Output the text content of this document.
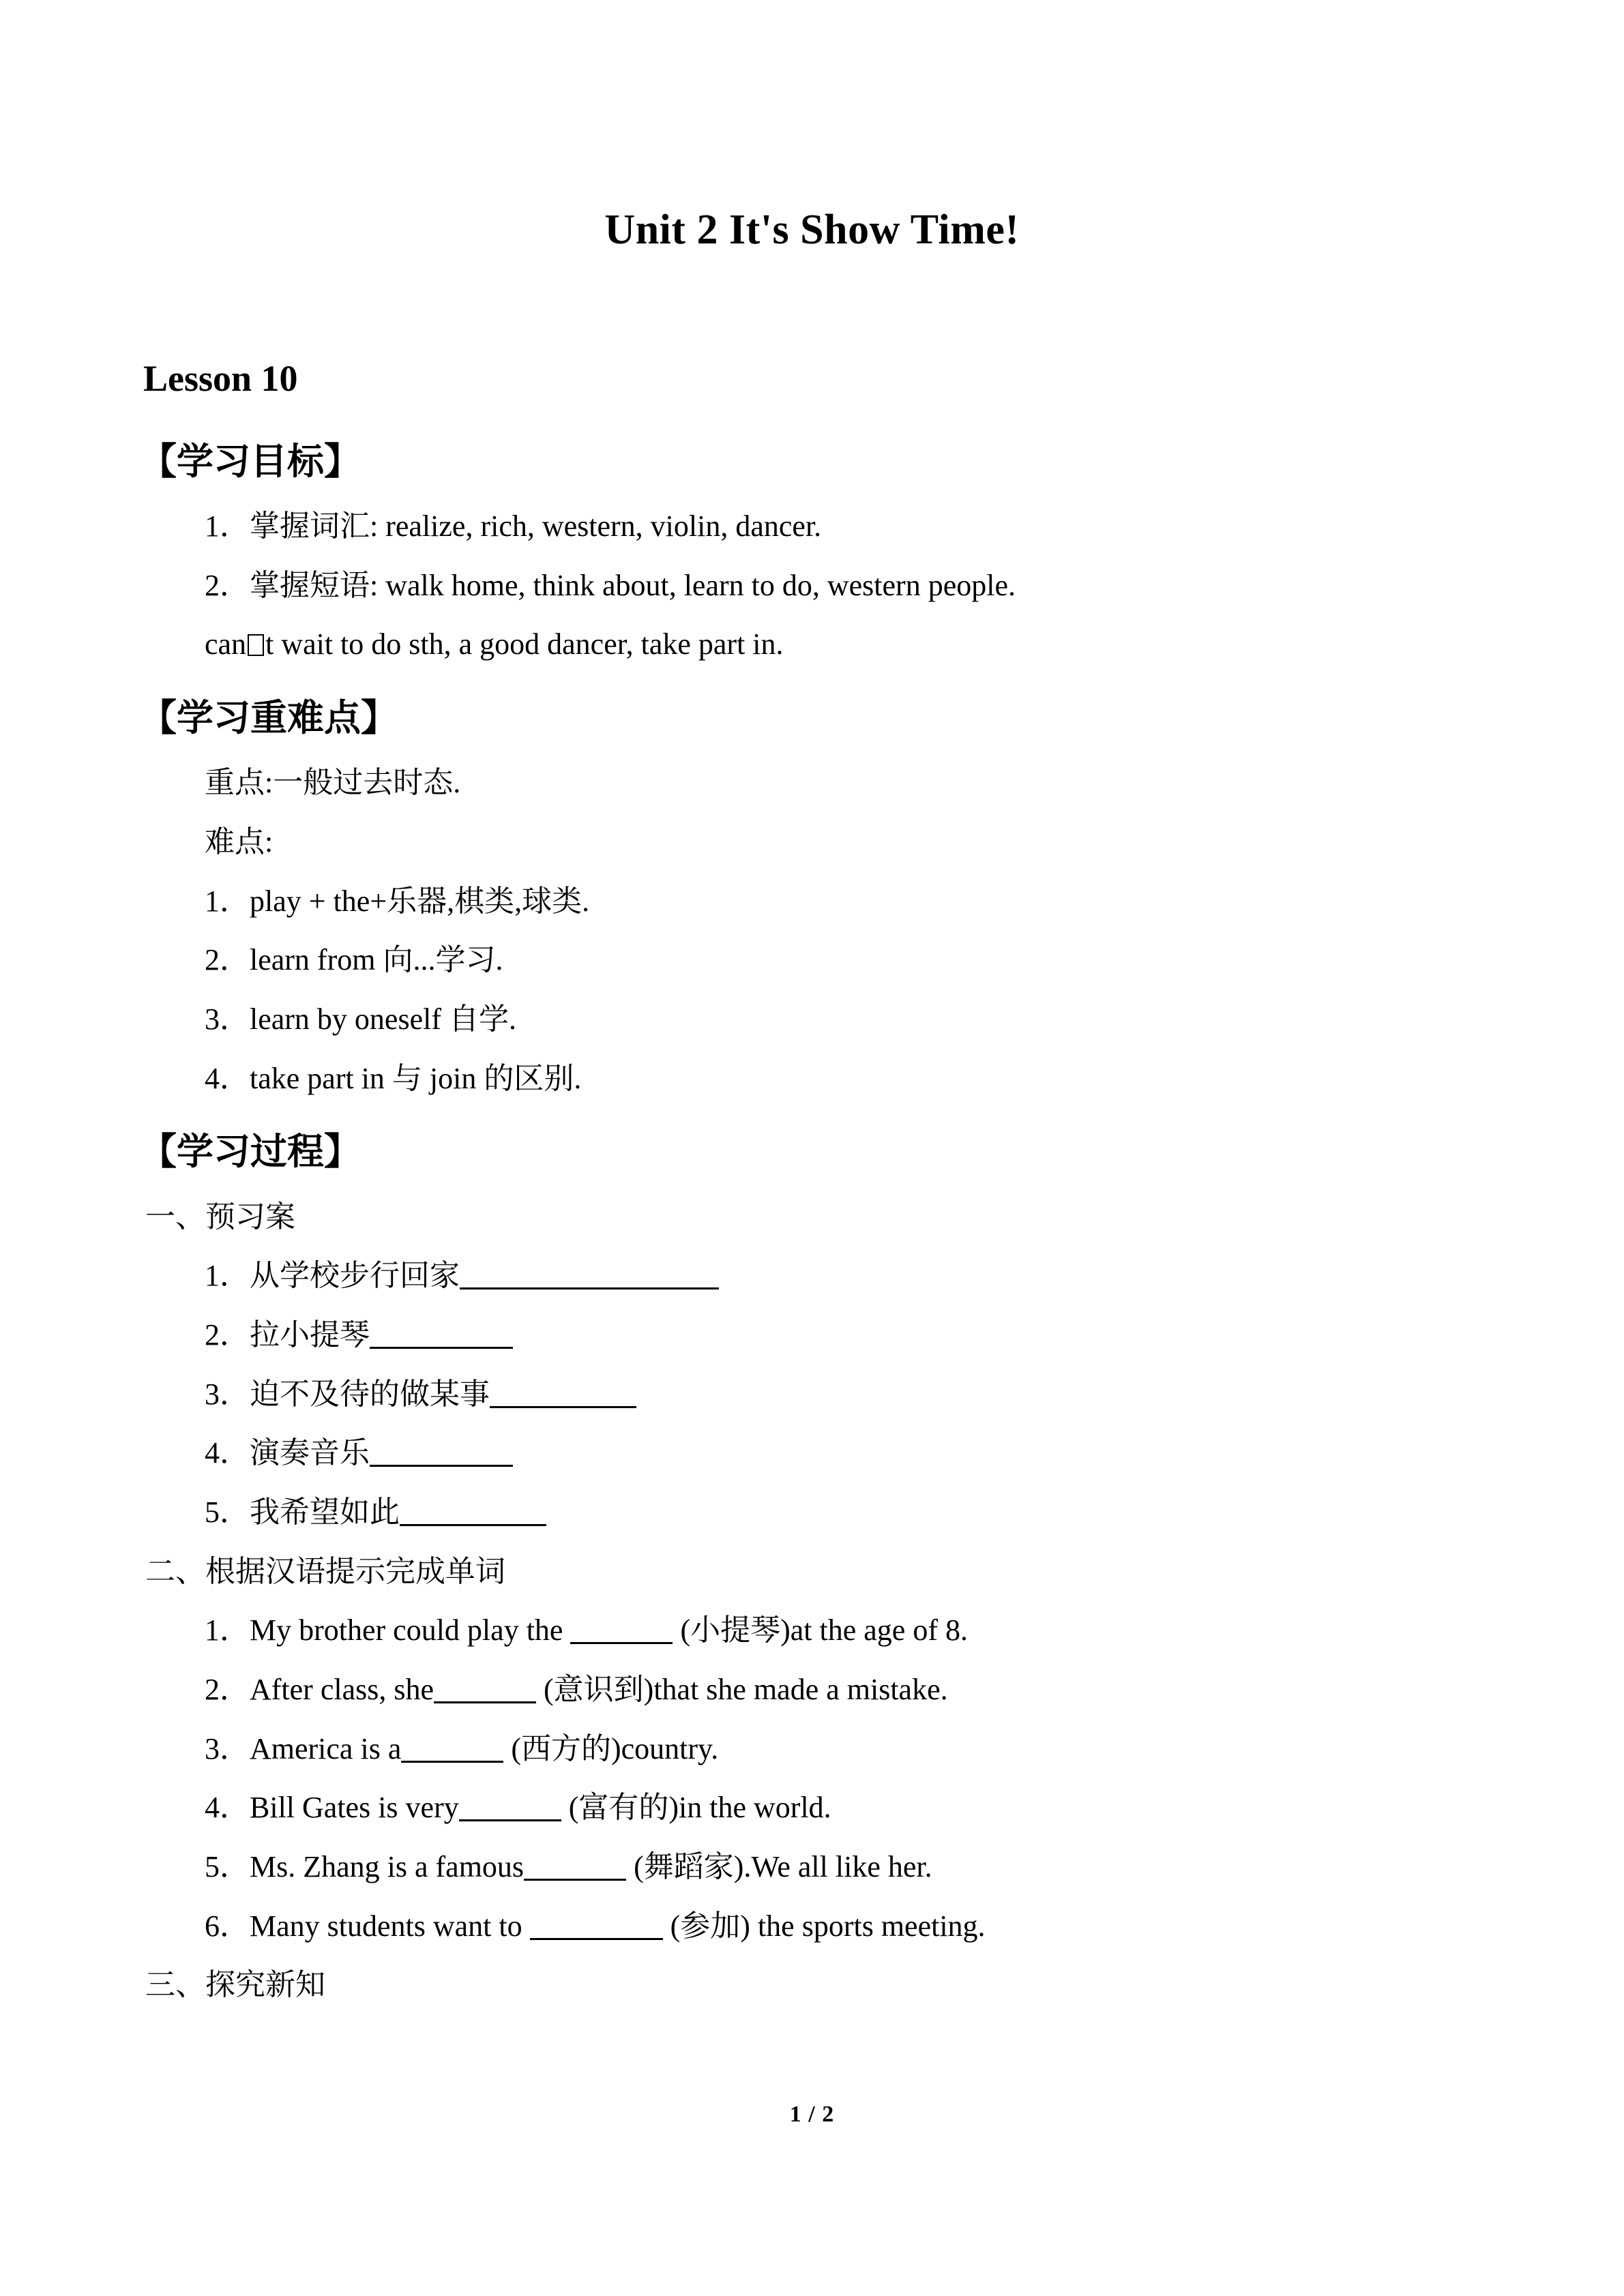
Unit 2 It's Show Time!
Lesson 10
【学习目标】

1．掌握词汇: realize, rich, western, violin, dancer.

2．掌握短语: walk home, think about, learn to do, western people.

can t wait to do sth, a good dancer, take part in.

【学习重难点】

重点:一般过去时态.

难点:

1．play + the+乐器,棋类,球类.

2．learn from 向...学习.

3．learn by oneself 自学.

4．take part in 与 join 的区别.

【学习过程】

一、预习案

1．从学校步行回家

2．拉小提琴

3．迫不及待的做某事

4．演奏音乐

5．我希望如此

二、根据汉语提示完成单词

1．My brother could play the	(小提琴)at the age of 8.

2．After class, she	(意识到)that she made a mistake.

3．America is a	(西方的)country.

4．Bill Gates is very	(富有的)in the world.

5．Ms. Zhang is a famous	(舞蹈家).We all like her.

6．Many students want to	(参加) the sports meeting.

三、探究新知

1 / 2
